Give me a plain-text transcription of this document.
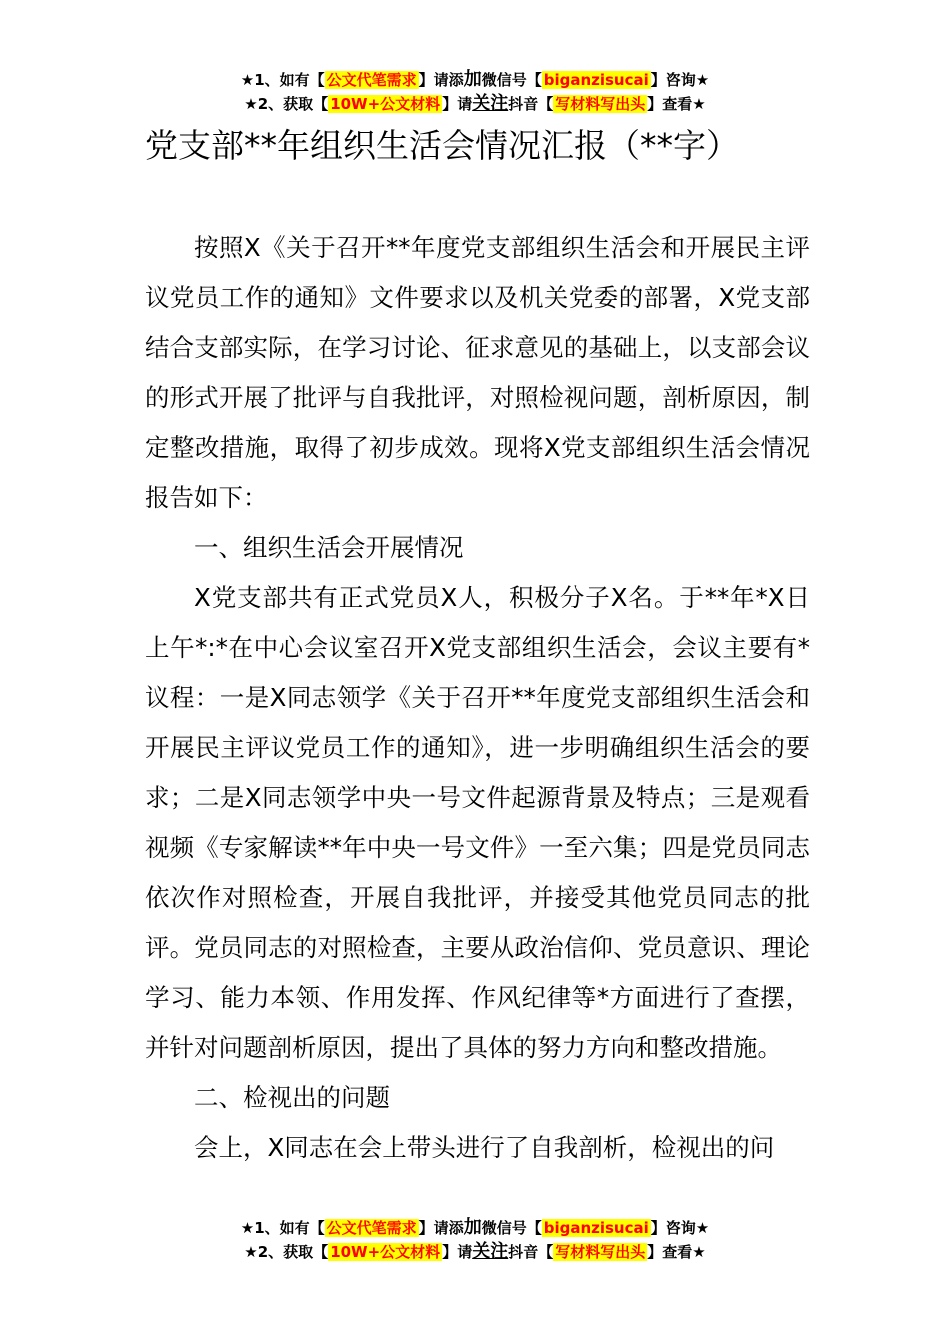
★1、如有【 公文代笔需求 】请添加微信号【 biganzisucai 】咨询★
★2、获取【 10W+公文材料 】请关注抖音【 写材料写出头 】查看★
党支部**年组织生活会情况汇报（**字）

按照X《关于召开**年度党支部组织生活会和开展民主评议党员工作的通知》文件要求以及机关党委的部署，X党支部结合支部实际，在学习讨论、征求意见的基础上，以支部会议的形式开展了批评与自我批评，对照检视问题，剖析原因，制定整改措施，取得了初步成效。现将X党支部组织生活会情况报告如下：

一、组织生活会开展情况

X党支部共有正式党员X人，积极分子X名。于**年*X日上午*:*在中心会议室召开X党支部组织生活会，会议主要有*议程：一是X同志领学《关于召开**年度党支部组织生活会和开展民主评议党员工作的通知》，进一步明确组织生活会的要求；二是X同志领学中央一号文件起源背景及特点；三是观看视频《专家解读**年中央一号文件》一至六集；四是党员同志依次作对照检查，开展自我批评，并接受其他党员同志的批评。党员同志的对照检查，主要从政治信仰、党员意识、理论学习、能力本领、作用发挥、作风纪律等*方面进行了查摆，并针对问题剖析原因，提出了具体的努力方向和整改措施。

二、检视出的问题

会上，X同志在会上带头进行了自我剖析，检视出的问

★1、如有【 公文代笔需求 】请添加微信号【 biganzisucai 】咨询★
★2、获取【 10W+公文材料 】请关注抖音【 写材料写出头 】查看★
